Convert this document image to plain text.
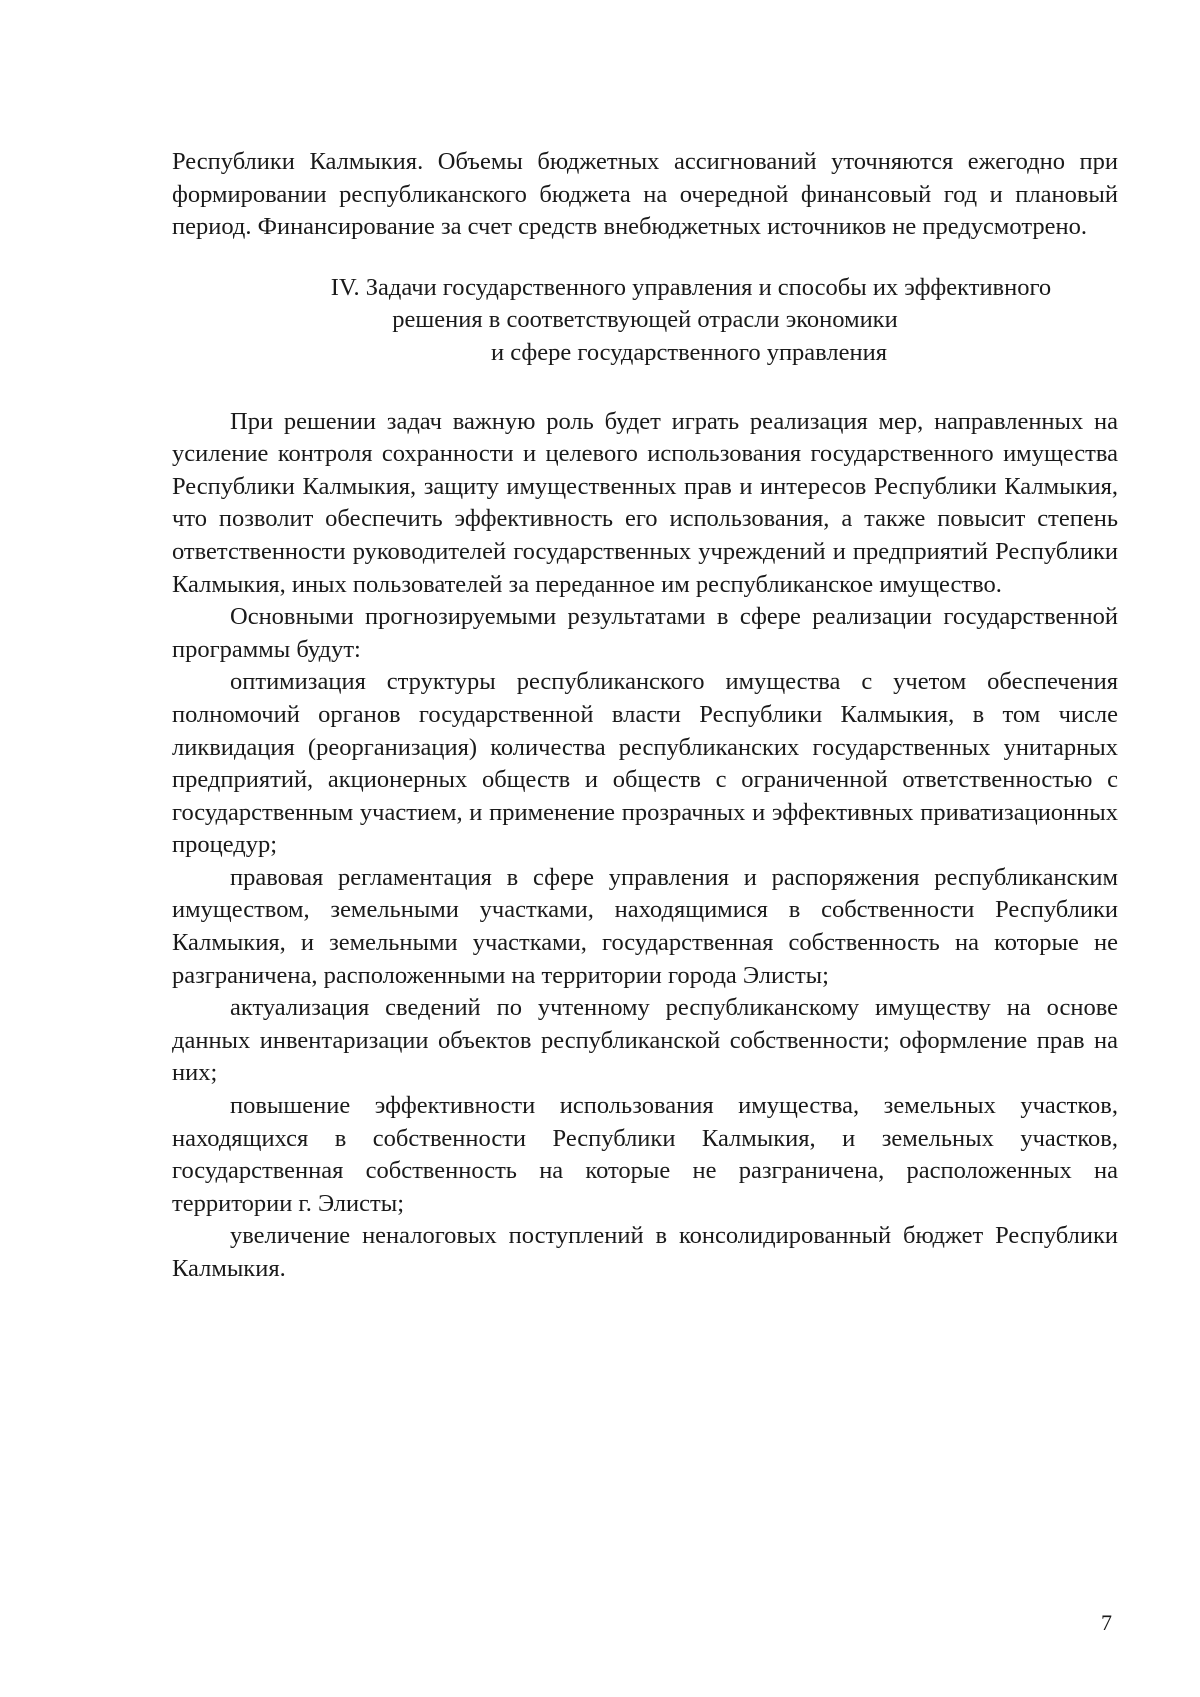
Республики Калмыкия. Объемы бюджетных ассигнований уточняются ежегодно при формировании республиканского бюджета на очередной финансовый год и плановый период. Финансирование за счет средств внебюджетных источников не предусмотрено.

IV. Задачи государственного управления и способы их эффективного
решения в соответствующей отрасли экономики
и сфере государственного управления

При решении задач важную роль будет играть реализация мер, направленных на усиление контроля сохранности и целевого использования государственного имущества Республики Калмыкия, защиту имущественных прав и интересов Республики Калмыкия, что позволит обеспечить эффективность его использования, а также повысит степень ответственности руководителей государственных учреждений и предприятий Республики Калмыкия, иных пользователей за переданное им республиканское имущество.

Основными прогнозируемыми результатами в сфере реализации государственной программы будут:

оптимизация структуры республиканского имущества с учетом обеспечения полномочий органов государственной власти Республики Калмыкия, в том числе ликвидация (реорганизация) количества республиканских государственных унитарных предприятий, акционерных обществ и обществ с ограниченной ответственностью с государственным участием, и применение прозрачных и эффективных приватизационных процедур;

правовая регламентация в сфере управления и распоряжения республиканским имуществом, земельными участками, находящимися в собственности Республики Калмыкия, и земельными участками, государственная собственность на которые не разграничена, расположенными на территории города Элисты;

актуализация сведений по учтенному республиканскому имуществу на основе данных инвентаризации объектов республиканской собственности; оформление прав на них;

повышение эффективности использования имущества, земельных участков, находящихся в собственности Республики Калмыкия, и земельных участков, государственная собственность на которые не разграничена, расположенных на территории г. Элисты;

увеличение неналоговых поступлений в консолидированный бюджет Республики Калмыкия.

7
